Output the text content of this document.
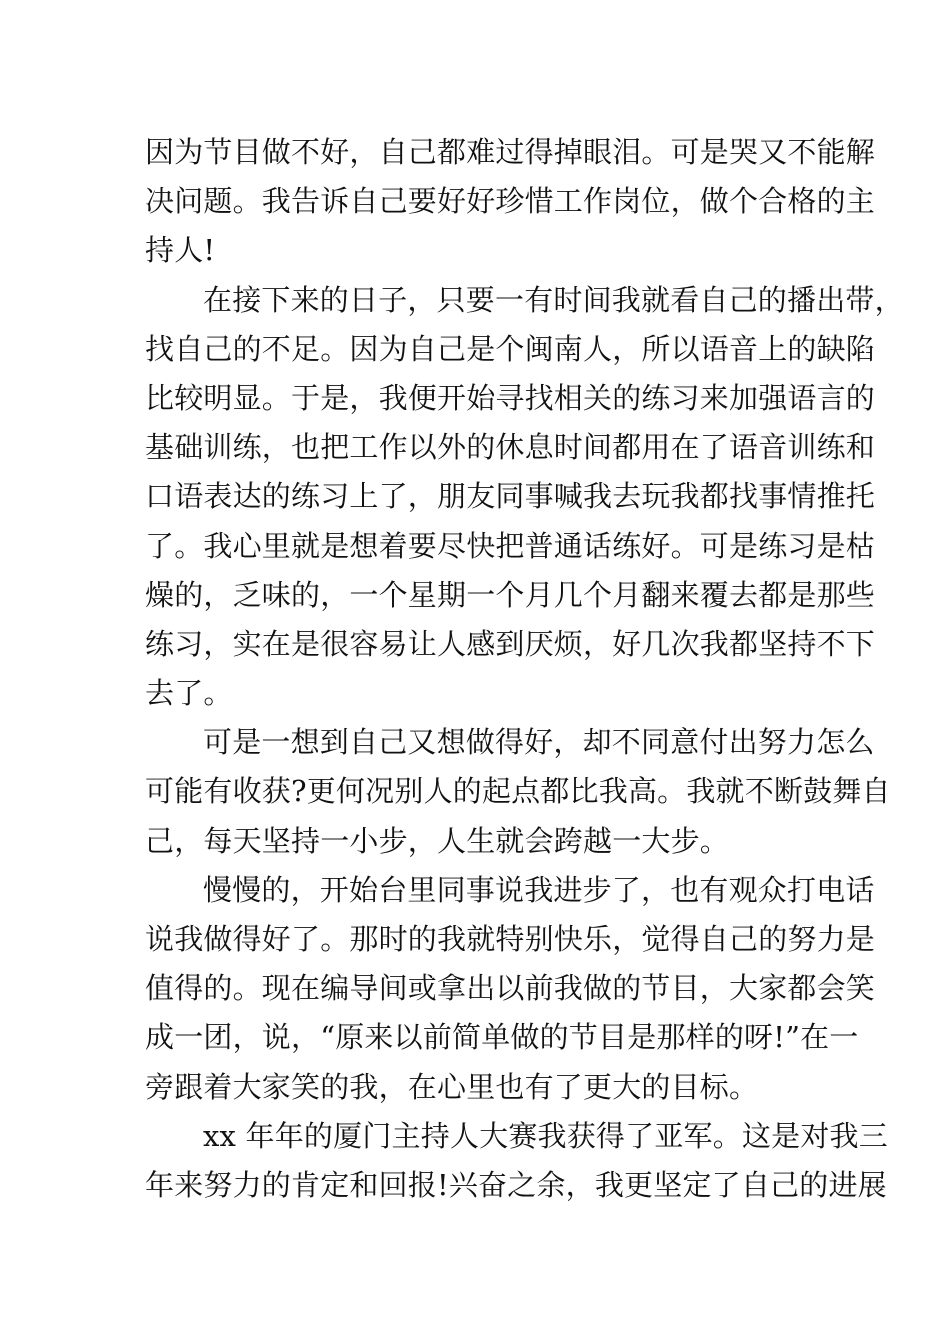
因为节目做不好，自己都难过得掉眼泪。可是哭又不能解
决问题。我告诉自己要好好珍惜工作岗位，做个合格的主
持人!
在接下来的日子，只要一有时间我就看自己的播出带，
找自己的不足。因为自己是个闽南人，所以语音上的缺陷
比较明显。于是，我便开始寻找相关的练习来加强语言的
基础训练，也把工作以外的休息时间都用在了语音训练和
口语表达的练习上了，朋友同事喊我去玩我都找事情推托
了。我心里就是想着要尽快把普通话练好。可是练习是枯
燥的，乏味的，一个星期一个月几个月翻来覆去都是那些
练习，实在是很容易让人感到厌烦，好几次我都坚持不下
去了。
可是一想到自己又想做得好，却不同意付出努力怎么
可能有收获?更何况别人的起点都比我高。我就不断鼓舞自
己，每天坚持一小步，人生就会跨越一大步。
慢慢的，开始台里同事说我进步了，也有观众打电话
说我做得好了。那时的我就特别快乐，觉得自己的努力是
值得的。现在编导间或拿出以前我做的节目，大家都会笑
成一团，说，“原来以前简单做的节目是那样的呀!”在一
旁跟着大家笑的我，在心里也有了更大的目标。
xx 年年的厦门主持人大赛我获得了亚军。这是对我三
年来努力的肯定和回报!兴奋之余，我更坚定了自己的进展
